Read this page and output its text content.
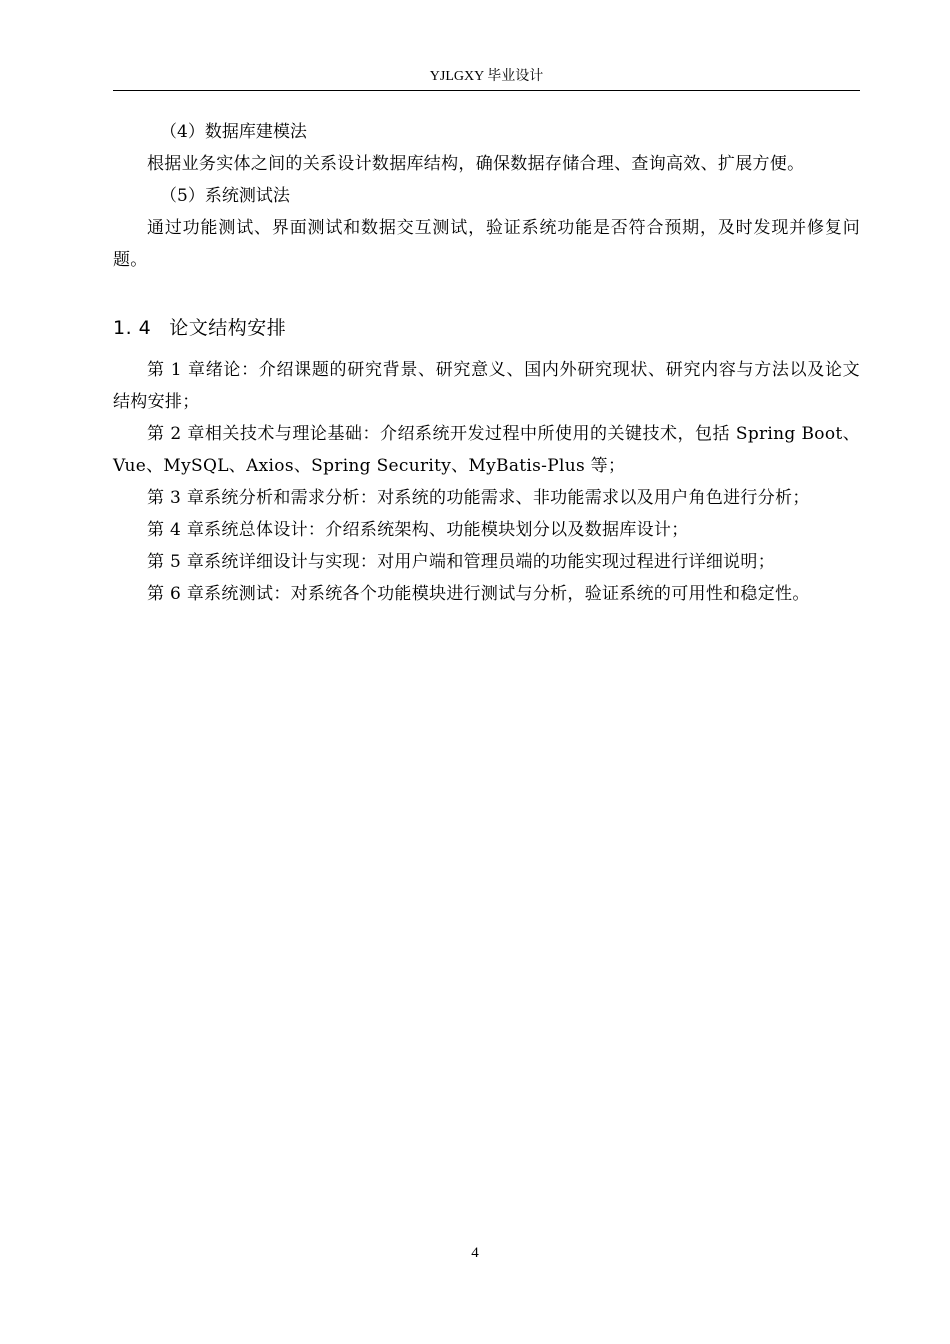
YJLGXY 毕业设计

（4）数据库建模法

根据业务实体之间的关系设计数据库结构，确保数据存储合理、查询高效、扩展方便。

（5）系统测试法

通过功能测试、界面测试和数据交互测试，验证系统功能是否符合预期，及时发现并修复问题。

1. 4 论文结构安排

第 1 章绪论：介绍课题的研究背景、研究意义、国内外研究现状、研究内容与方法以及论文结构安排；

第 2 章相关技术与理论基础：介绍系统开发过程中所使用的关键技术，包括 Spring Boot、Vue、MySQL、Axios、Spring Security、MyBatis-Plus 等；

第 3 章系统分析和需求分析：对系统的功能需求、非功能需求以及用户角色进行分析；

第 4 章系统总体设计：介绍系统架构、功能模块划分以及数据库设计；

第 5 章系统详细设计与实现：对用户端和管理员端的功能实现过程进行详细说明；

第 6 章系统测试：对系统各个功能模块进行测试与分析，验证系统的可用性和稳定性。

4
